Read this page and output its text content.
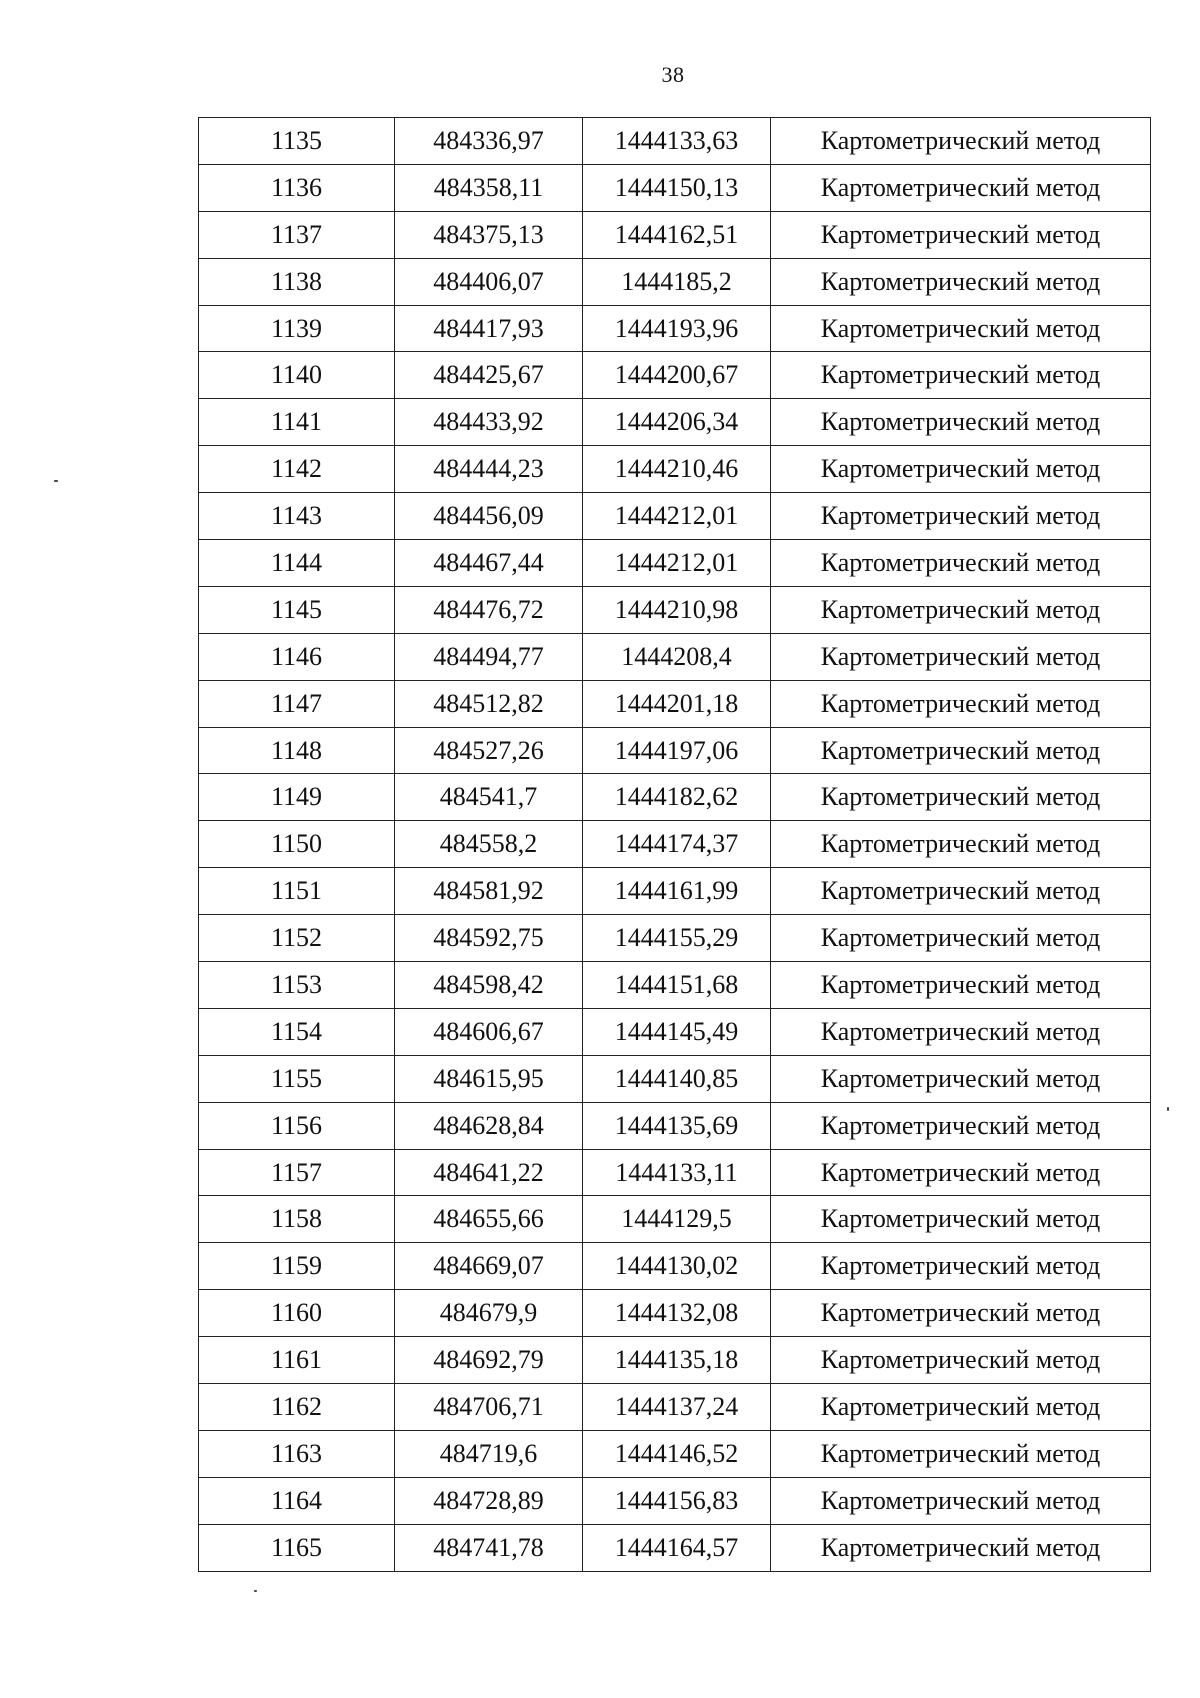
38
1135	484336,97	1444133,63	Картометрический метод
1136	484358,11	1444150,13	Картометрический метод
1137	484375,13	1444162,51	Картометрический метод
1138	484406,07	1444185,2	Картометрический метод
1139	484417,93	1444193,96	Картометрический метод
1140	484425,67	1444200,67	Картометрический метод
1141	484433,92	1444206,34	Картометрический метод
1142	484444,23	1444210,46	Картометрический метод
1143	484456,09	1444212,01	Картометрический метод
1144	484467,44	1444212,01	Картометрический метод
1145	484476,72	1444210,98	Картометрический метод
1146	484494,77	1444208,4	Картометрический метод
1147	484512,82	1444201,18	Картометрический метод
1148	484527,26	1444197,06	Картометрический метод
1149	484541,7	1444182,62	Картометрический метод
1150	484558,2	1444174,37	Картометрический метод
1151	484581,92	1444161,99	Картометрический метод
1152	484592,75	1444155,29	Картометрический метод
1153	484598,42	1444151,68	Картометрический метод
1154	484606,67	1444145,49	Картометрический метод
1155	484615,95	1444140,85	Картометрический метод
1156	484628,84	1444135,69	Картометрический метод
1157	484641,22	1444133,11	Картометрический метод
1158	484655,66	1444129,5	Картометрический метод
1159	484669,07	1444130,02	Картометрический метод
1160	484679,9	1444132,08	Картометрический метод
1161	484692,79	1444135,18	Картометрический метод
1162	484706,71	1444137,24	Картометрический метод
1163	484719,6	1444146,52	Картометрический метод
1164	484728,89	1444156,83	Картометрический метод
1165	484741,78	1444164,57	Картометрический метод
